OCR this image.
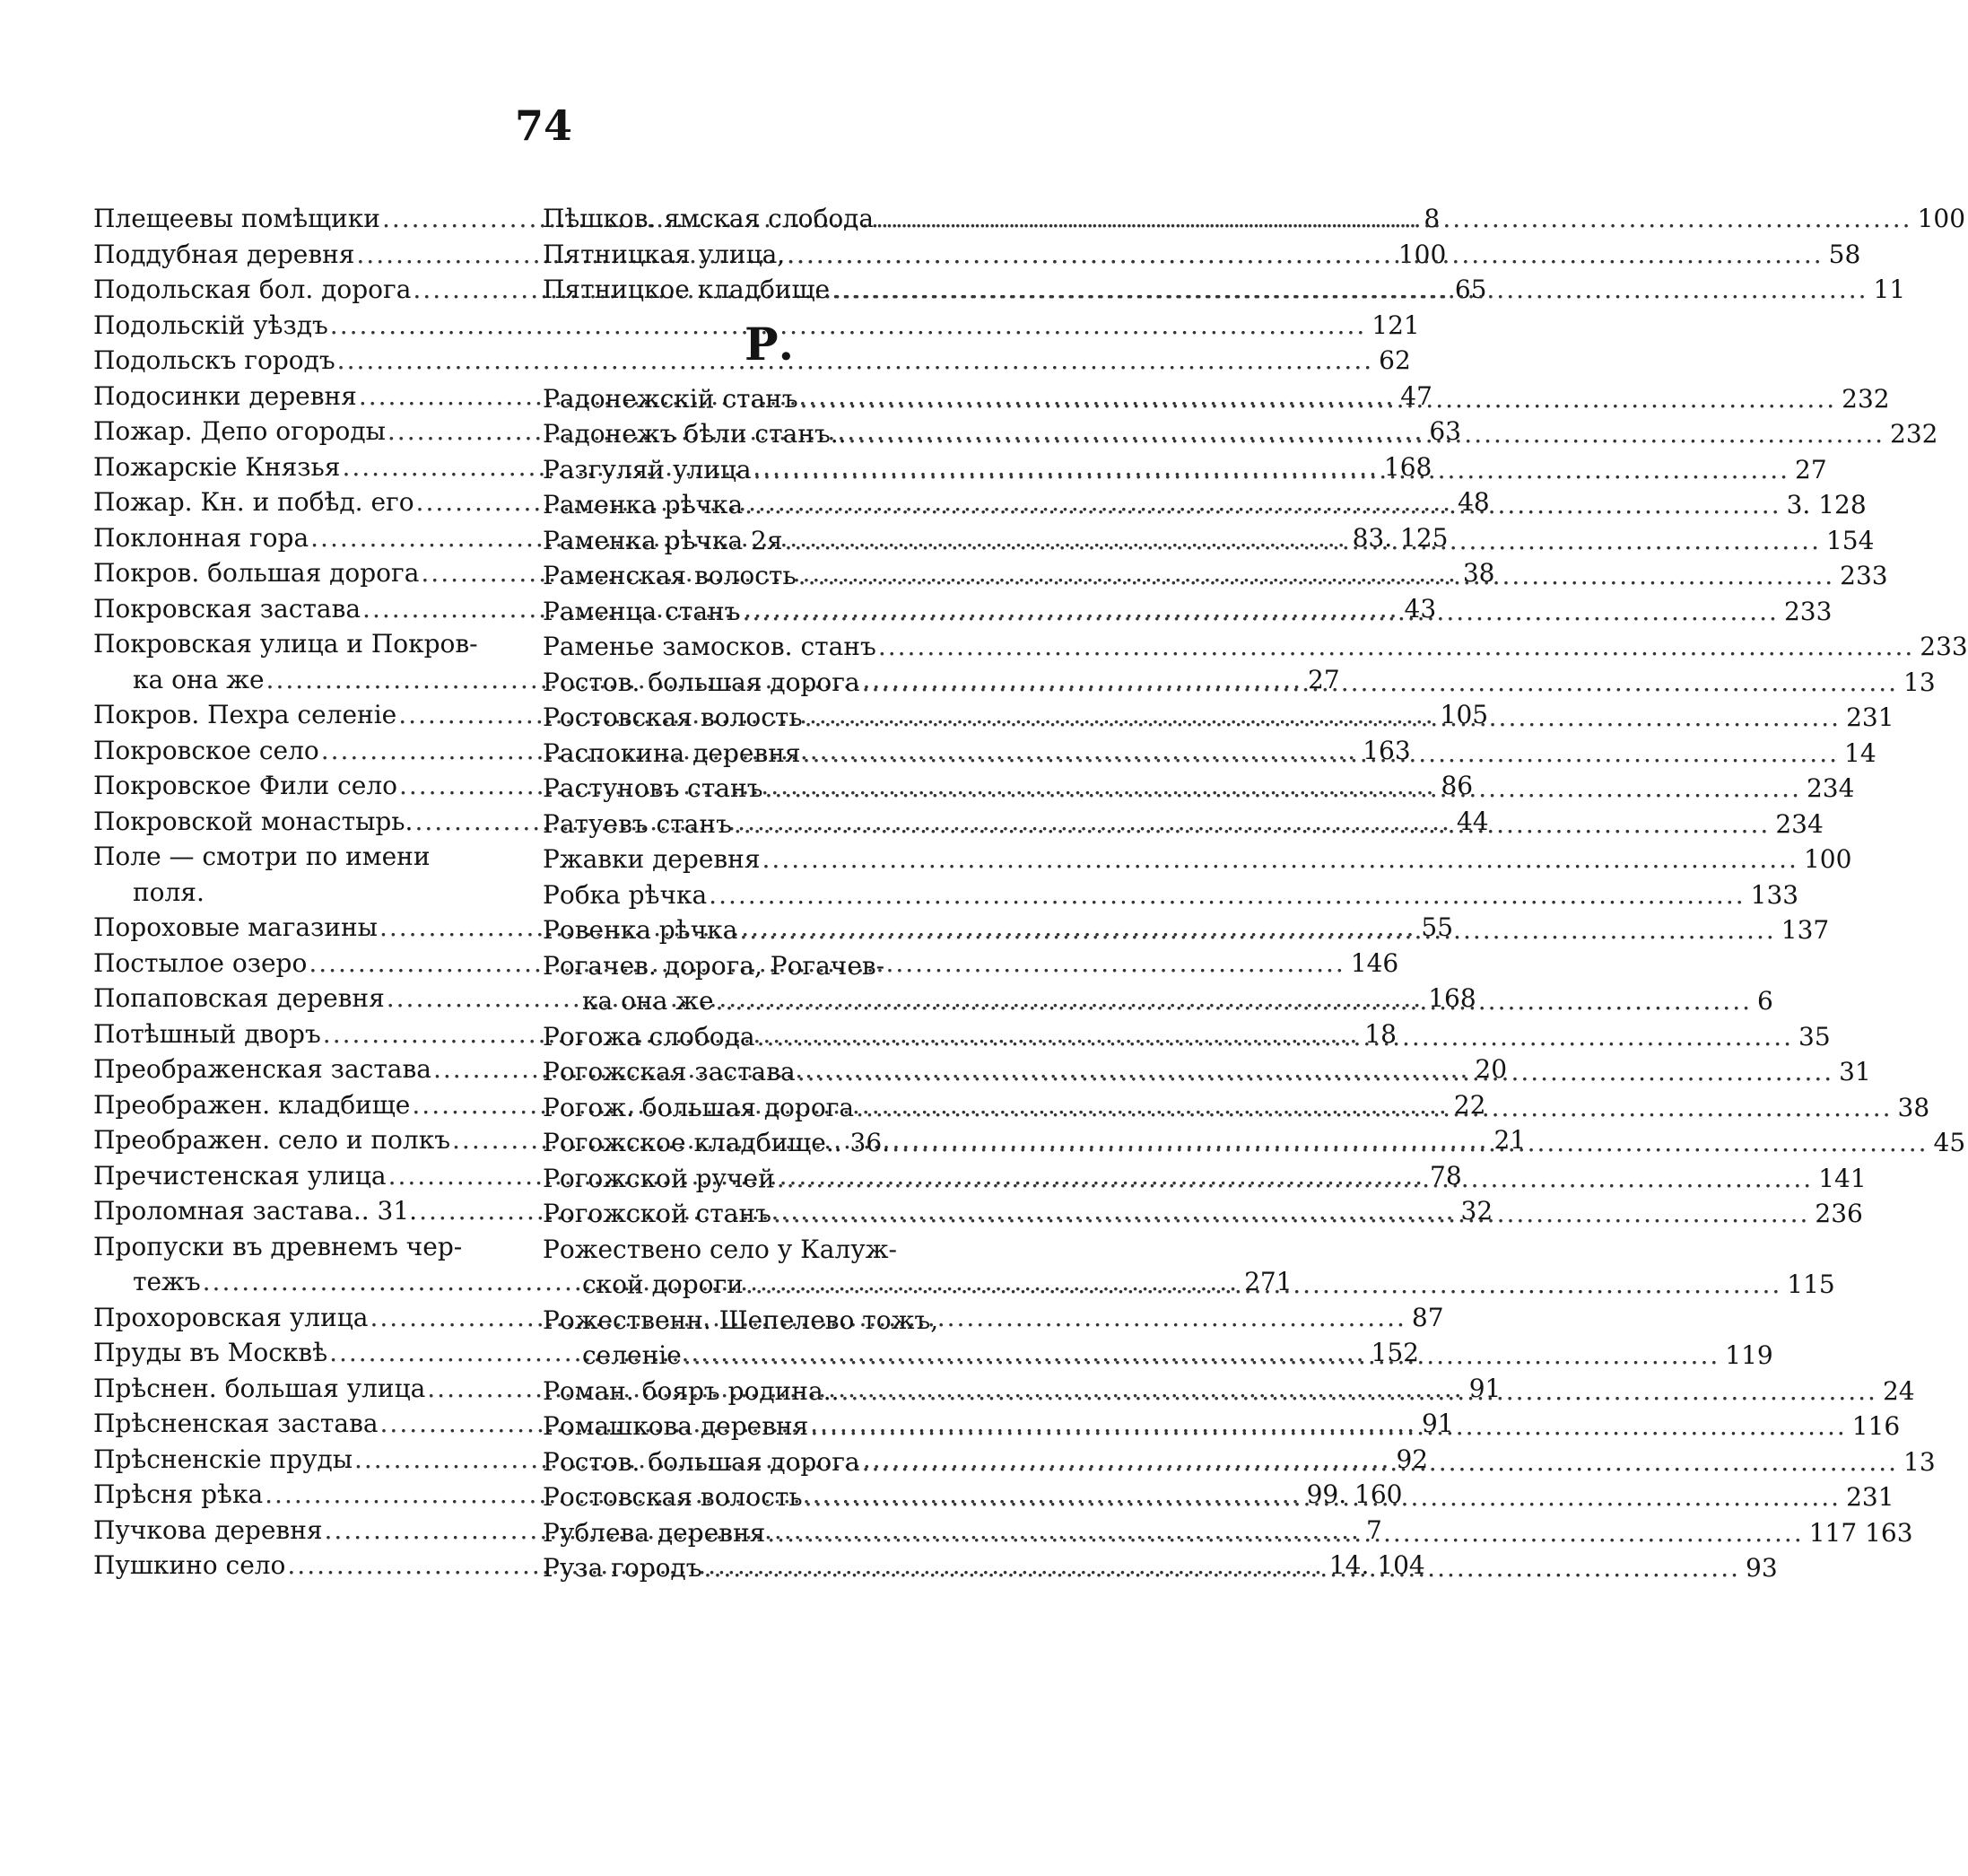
74
Плещеевы помѣщики .....	8
Поддубная деревня .....	100
Подольская бол. дорога .....	65
Подольскiй уѣздъ .....	121
Подольскъ городъ .....	62
Подосинки деревня .....	47
Пожар. Депо огороды .....	63
Пожарскiе Князья .....	168
Пожар. Кн. и побѣд. его .....	48
Поклонная гора .....	83. 125
Покров. большая дорога .....	38
Покровская застава .....	43
Покровская улица и Покров-
ка она же .....	27
Покров. Пехра селенiе .....	105
Покровское село .....	163
Покровское Фили село .....	86
Покровской монастырь. .....	44
Поле — смотри по имени
поля.
Пороховые магазины .....	55
Постылое озеро .....	146
Попаповская деревня .....	168
Потѣшный дворъ .....	18
Преображенская застава .....	20
Преображен. кладбище .....	22
Преображен. село и полкъ .....	21
Пречистенская улица .....	78
Проломная застава.. 31. .....	32
Пропуски въ древнемъ чер-
тежъ .....	271
Прохоровская улица .....	87
Пруды въ Москвѣ .....	152
Прѣснен. большая улица .....	91
Прѣсненская застава .....	91
Прѣсненскiе пруды .....	92
Прѣсня рѣка .....	99. 160
Пучкова деревня .....	7
Пушкино село .....	14. 104
Пѣшков. ямская слобода .....	100
Пятницкая улица, .....	58
Пятницкое кладбище .....	11
Р.
Радонежскiй станъ .....	232
Радонежъ бѣли станъ.. .....	232
Разгуляй улица .....	27
Раменка рѣчка .....	3. 128
Раменка рѣчка 2я .....	154
Раменская волость .....	233
Раменца станъ .....	233
Раменье замосков. станъ .....	233
Ростов. большая дорога .....	13
Ростовская волость .....	231
Распокина деревня .....	14
Растуновъ станъ .....	234
Ратуевъ станъ .....	234
Ржавки деревня .....	100
Робка рѣчка .....	133
Ровенка рѣчка .....	137
Рогачев. дорога, Рогачев-
ка она же .....	6
Рогожа слобода .....	35
Рогожская застава .....	31
Рогож. большая дорога .....	38
Рогожское кладбище.. 36. .....	45
Рогожской ручей .....	141
Рогожской станъ .....	236
Рожествено село у Калуж-
ской дороги .....	115
Рожественн. Шепелево тожъ,
селенiе .....	119
Роман. бояръ родина.. .....	24
Ромашкова деревня .....	116
Ростов. большая дорога .....	13
Ростовская волость .....	231
Рублева деревня .....	117 163
Руза городъ .....	93
